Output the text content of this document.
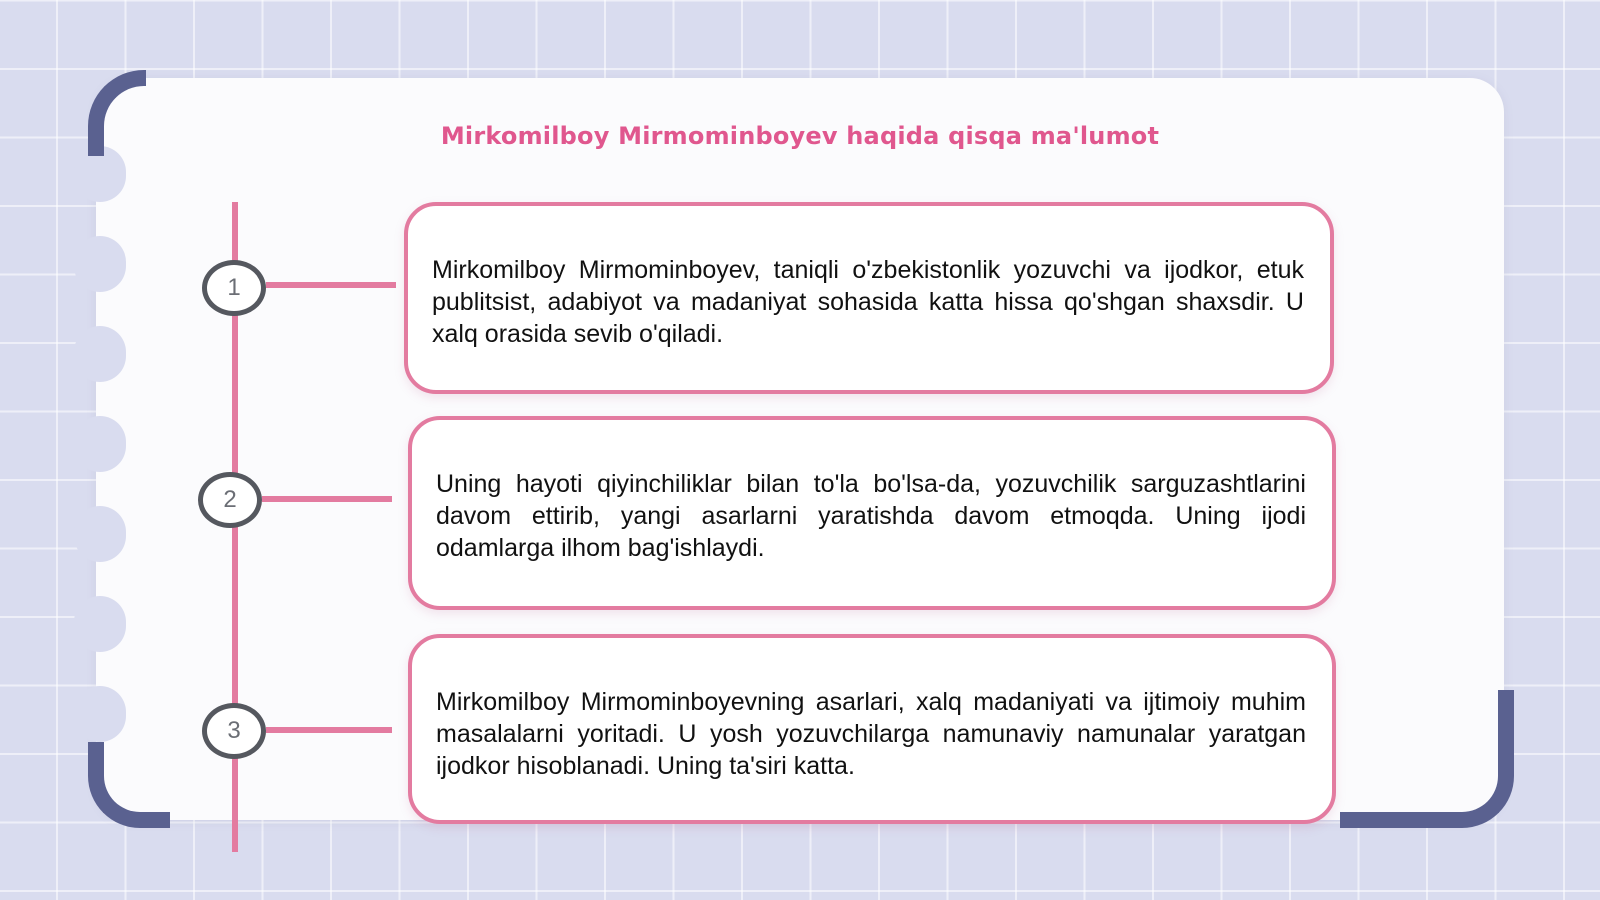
Mirkomilboy Mirmominboyev haqida qisqa ma'lumot
1

Mirkomilboy Mirmominboyev, taniqli o'zbekistonlik yozuvchi va ijodkor, etuk publitsist, adabiyot va madaniyat sohasida katta hissa qo'shgan shaxsdir. U xalq orasida sevib o'qiladi.

2

Uning hayoti qiyinchiliklar bilan to'la bo'lsa-da, yozuvchilik sarguzashtlarini davom ettirib, yangi asarlarni yaratishda davom etmoqda. Uning ijodi odamlarga ilhom bag'ishlaydi.

3

Mirkomilboy Mirmominboyevning asarlari, xalq madaniyati va ijtimoiy muhim masalalarni yoritadi. U yosh yozuvchilarga namunaviy namunalar yaratgan ijodkor hisoblanadi. Uning ta'siri katta.
